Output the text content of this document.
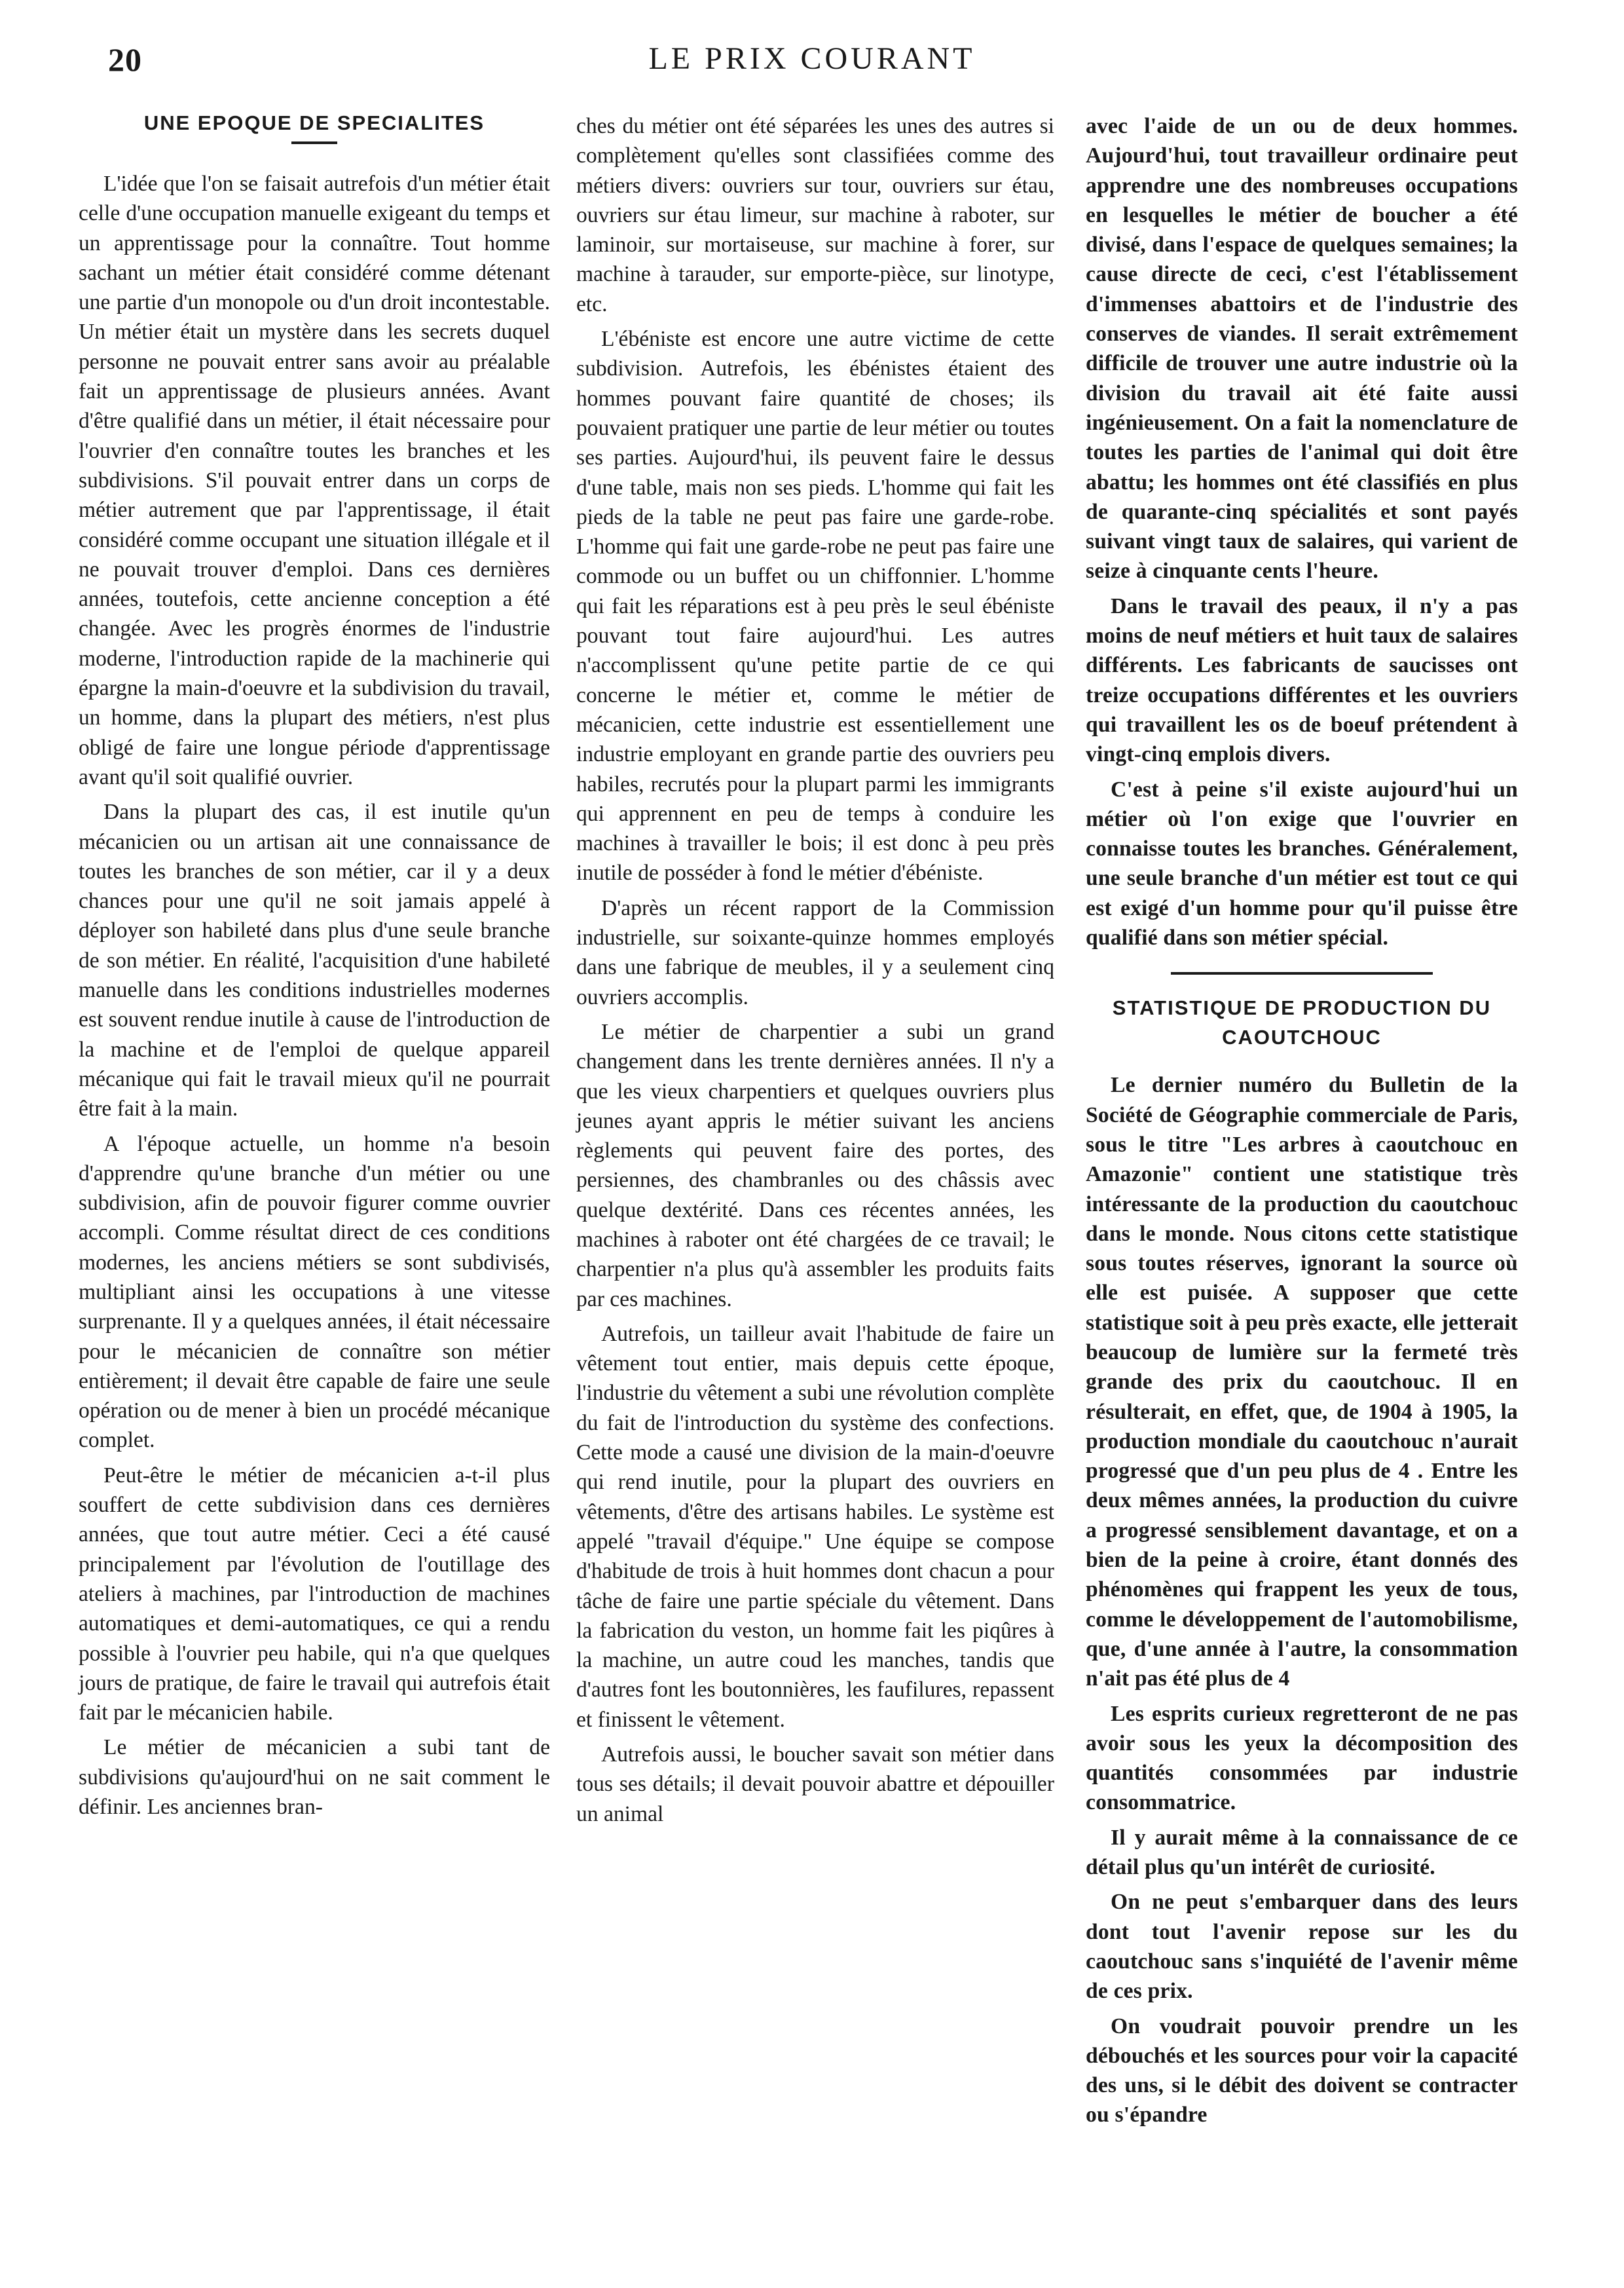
20	LE PRIX COURANT
UNE EPOQUE DE SPECIALITES

L'idée que l'on se faisait autrefois d'un métier était celle d'une occupation manuelle exigeant du temps et un apprentissage pour la connaître. Tout homme sachant un métier était considéré comme détenant une partie d'un monopole ou d'un droit incontestable. Un métier était un mystère dans les secrets duquel personne ne pouvait entrer sans avoir au préalable fait un apprentissage de plusieurs années. Avant d'être qualifié dans un métier, il était nécessaire pour l'ouvrier d'en connaître toutes les branches et les subdivisions. S'il pouvait entrer dans un corps de métier autrement que par l'apprentissage, il était considéré comme occupant une situation illégale et il ne pouvait trouver d'emploi. Dans ces dernières années, toutefois, cette ancienne conception a été changée. Avec les progrès énormes de l'industrie moderne, l'introduction rapide de la machinerie qui épargne la main-d'oeuvre et la subdivision du travail, un homme, dans la plupart des métiers, n'est plus obligé de faire une longue période d'apprentissage avant qu'il soit qualifié ouvrier.

Dans la plupart des cas, il est inutile qu'un mécanicien ou un artisan ait une connaissance de toutes les branches de son métier, car il y a deux chances pour une qu'il ne soit jamais appelé à déployer son habileté dans plus d'une seule branche de son métier. En réalité, l'acquisition d'une habileté manuelle dans les conditions industrielles modernes est souvent rendue inutile à cause de l'introduction de la machine et de l'emploi de quelque appareil mécanique qui fait le travail mieux qu'il ne pourrait être fait à la main.

A l'époque actuelle, un homme n'a besoin d'apprendre qu'une branche d'un métier ou une subdivision, afin de pouvoir figurer comme ouvrier accompli. Comme résultat direct de ces conditions modernes, les anciens métiers se sont subdivisés, multipliant ainsi les occupations à une vitesse surprenante. Il y a quelques années, il était nécessaire pour le mécanicien de connaître son métier entièrement; il devait être capable de faire une seule opération ou de mener à bien un procédé mécanique complet.

Peut-être le métier de mécanicien a-t-il plus souffert de cette subdivision dans ces dernières années, que tout autre métier. Ceci a été causé principalement par l'évolution de l'outillage des ateliers à machines, par l'introduction de machines automatiques et demi-automatiques, ce qui a rendu possible à l'ouvrier peu habile, qui n'a que quelques jours de pratique, de faire le travail qui autrefois était fait par le mécanicien habile.

Le métier de mécanicien a subi tant de subdivisions qu'aujourd'hui on ne sait comment le définir. Les anciennes bran-

ches du métier ont été séparées les unes des autres si complètement qu'elles sont classifiées comme des métiers divers: ouvriers sur tour, ouvriers sur étau, ouvriers sur étau limeur, sur machine à raboter, sur laminoir, sur mortaiseuse, sur machine à forer, sur machine à tarauder, sur emporte-pièce, sur linotype, etc.

L'ébéniste est encore une autre victime de cette subdivision. Autrefois, les ébénistes étaient des hommes pouvant faire quantité de choses; ils pouvaient pratiquer une partie de leur métier ou toutes ses parties. Aujourd'hui, ils peuvent faire le dessus d'une table, mais non ses pieds. L'homme qui fait les pieds de la table ne peut pas faire une garde-robe. L'homme qui fait une garde-robe ne peut pas faire une commode ou un buffet ou un chiffonnier. L'homme qui fait les réparations est à peu près le seul ébéniste pouvant tout faire aujourd'hui. Les autres n'accomplissent qu'une petite partie de ce qui concerne le métier et, comme le métier de mécanicien, cette industrie est essentiellement une industrie employant en grande partie des ouvriers peu habiles, recrutés pour la plupart parmi les immigrants qui apprennent en peu de temps à conduire les machines à travailler le bois; il est donc à peu près inutile de posséder à fond le métier d'ébéniste.

D'après un récent rapport de la Commission industrielle, sur soixante-quinze hommes employés dans une fabrique de meubles, il y a seulement cinq ouvriers accomplis.

Le métier de charpentier a subi un grand changement dans les trente dernières années. Il n'y a que les vieux charpentiers et quelques ouvriers plus jeunes ayant appris le métier suivant les anciens règlements qui peuvent faire des portes, des persiennes, des chambranles ou des châssis avec quelque dextérité. Dans ces récentes années, les machines à raboter ont été chargées de ce travail; le charpentier n'a plus qu'à assembler les produits faits par ces machines.

Autrefois, un tailleur avait l'habitude de faire un vêtement tout entier, mais depuis cette époque, l'industrie du vêtement a subi une révolution complète du fait de l'introduction du système des confections. Cette mode a causé une division de la main-d'oeuvre qui rend inutile, pour la plupart des ouvriers en vêtements, d'être des artisans habiles. Le système est appelé "travail d'équipe." Une équipe se compose d'habitude de trois à huit hommes dont chacun a pour tâche de faire une partie spéciale du vêtement. Dans la fabrication du veston, un homme fait les piqûres à la machine, un autre coud les manches, tandis que d'autres font les boutonnières, les faufilures, repassent et finissent le vêtement.

Autrefois aussi, le boucher savait son métier dans tous ses détails; il devait pouvoir abattre et dépouiller un animal

avec l'aide de un ou de deux hommes. Aujourd'hui, tout travailleur ordinaire peut apprendre une des nombreuses occupations en lesquelles le métier de boucher a été divisé, dans l'espace de quelques semaines; la cause directe de ceci, c'est l'établissement d'immenses abattoirs et de l'industrie des conserves de viandes. Il serait extrêmement difficile de trouver une autre industrie où la division du travail ait été faite aussi ingénieusement. On a fait la nomenclature de toutes les parties de l'animal qui doit être abattu; les hommes ont été classifiés en plus de quarante-cinq spécialités et sont payés suivant vingt taux de salaires, qui varient de seize à cinquante cents l'heure.

Dans le travail des peaux, il n'y a pas moins de neuf métiers et huit taux de salaires différents. Les fabricants de saucisses ont treize occupations différentes et les ouvriers qui travaillent les os de boeuf prétendent à vingt-cinq emplois divers.

C'est à peine s'il existe aujourd'hui un métier où l'on exige que l'ouvrier en connaisse toutes les branches. Généralement, une seule branche d'un métier est tout ce qui est exigé d'un homme pour qu'il puisse être qualifié dans son métier spécial.

STATISTIQUE DE PRODUCTION DU CAOUTCHOUC

Le dernier numéro du Bulletin de la Société de Géographie commerciale de Paris, sous le titre "Les arbres à caoutchouc en Amazonie" contient une statistique très intéressante de la production du caoutchouc dans le monde. Nous citons cette statistique sous toutes réserves, ignorant la source où elle est puisée. A supposer que cette statistique soit à peu près exacte, elle jetterait beaucoup de lumière sur la fermeté très grande des prix du caoutchouc. Il en résulterait, en effet, que, de 1904 à 1905, la production mondiale du caoutchouc n'aurait progressé que d'un peu plus de 4 . Entre les deux mêmes années, la production du cuivre a progressé sensiblement davantage, et on a bien de la peine à croire, étant donnés des phénomènes qui frappent les yeux de tous, comme le développement de l'automobilisme, que, d'une année à l'autre, la consommation n'ait pas été plus de 4

Les esprits curieux regretteront de ne pas avoir sous les yeux la décomposition des quantités consommées par industrie consommatrice.

Il y aurait même à la connaissance de ce détail plus qu'un intérêt de curiosité.

On ne peut s'embarquer dans des leurs dont tout l'avenir repose sur les du caoutchouc sans s'inquiété de l'avenir même de ces prix.

On voudrait pouvoir prendre un les débouchés et les sources pour voir la capacité des uns, si le débit des doivent se contracter ou s'épandre
